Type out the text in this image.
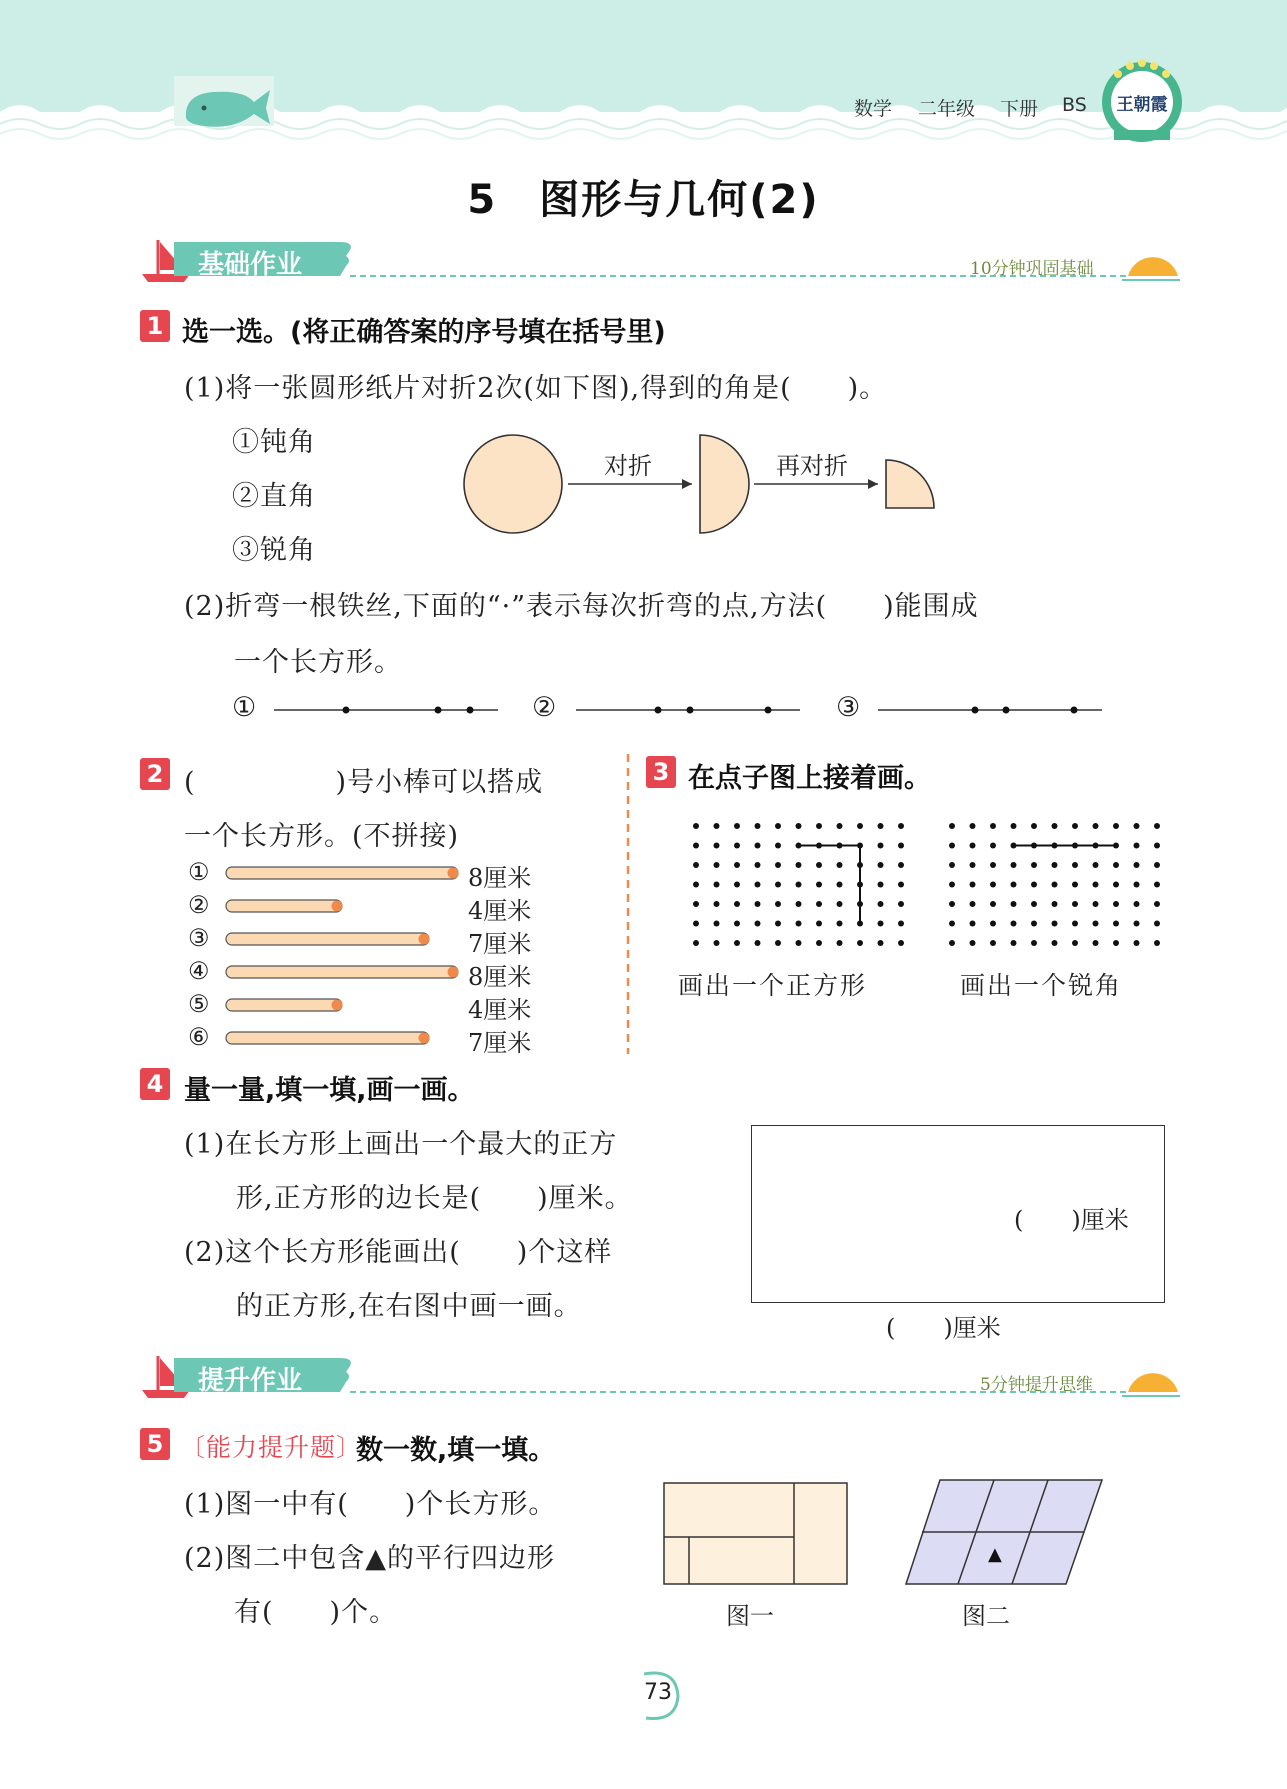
数学 二年级 下册 BS 王朝霞
5　图形与几何(2)
基础作业	10分钟巩固基础
1 选一选。(将正确答案的序号填在括号里)
(1)将一张圆形纸片对折2次(如下图),得到的角是(　　)。
①钝角
②直角
③锐角
对折	再对折
(2)折弯一根铁丝,下面的“·”表示每次折弯的点,方法(　　)能围成
一个长方形。
①	②	③
2 (　　　　　)号小棒可以搭成
一个长方形。(不拼接)
①	8厘米
②	4厘米
③	7厘米
④	8厘米
⑤	4厘米
⑥	7厘米
3 在点子图上接着画。
画出一个正方形	画出一个锐角
4 量一量,填一填,画一画。
(1)在长方形上画出一个最大的正方
形,正方形的边长是(　　)厘米。
(2)这个长方形能画出(　　)个这样
的正方形,在右图中画一画。
(　　)厘米
(　　)厘米
提升作业	5分钟提升思维
5 〔能力提升题〕
数一数,填一填。
(1)图一中有(　　)个长方形。
(2)图二中包含▲的平行四边形
有(　　)个。	图一
▲
图二
73
